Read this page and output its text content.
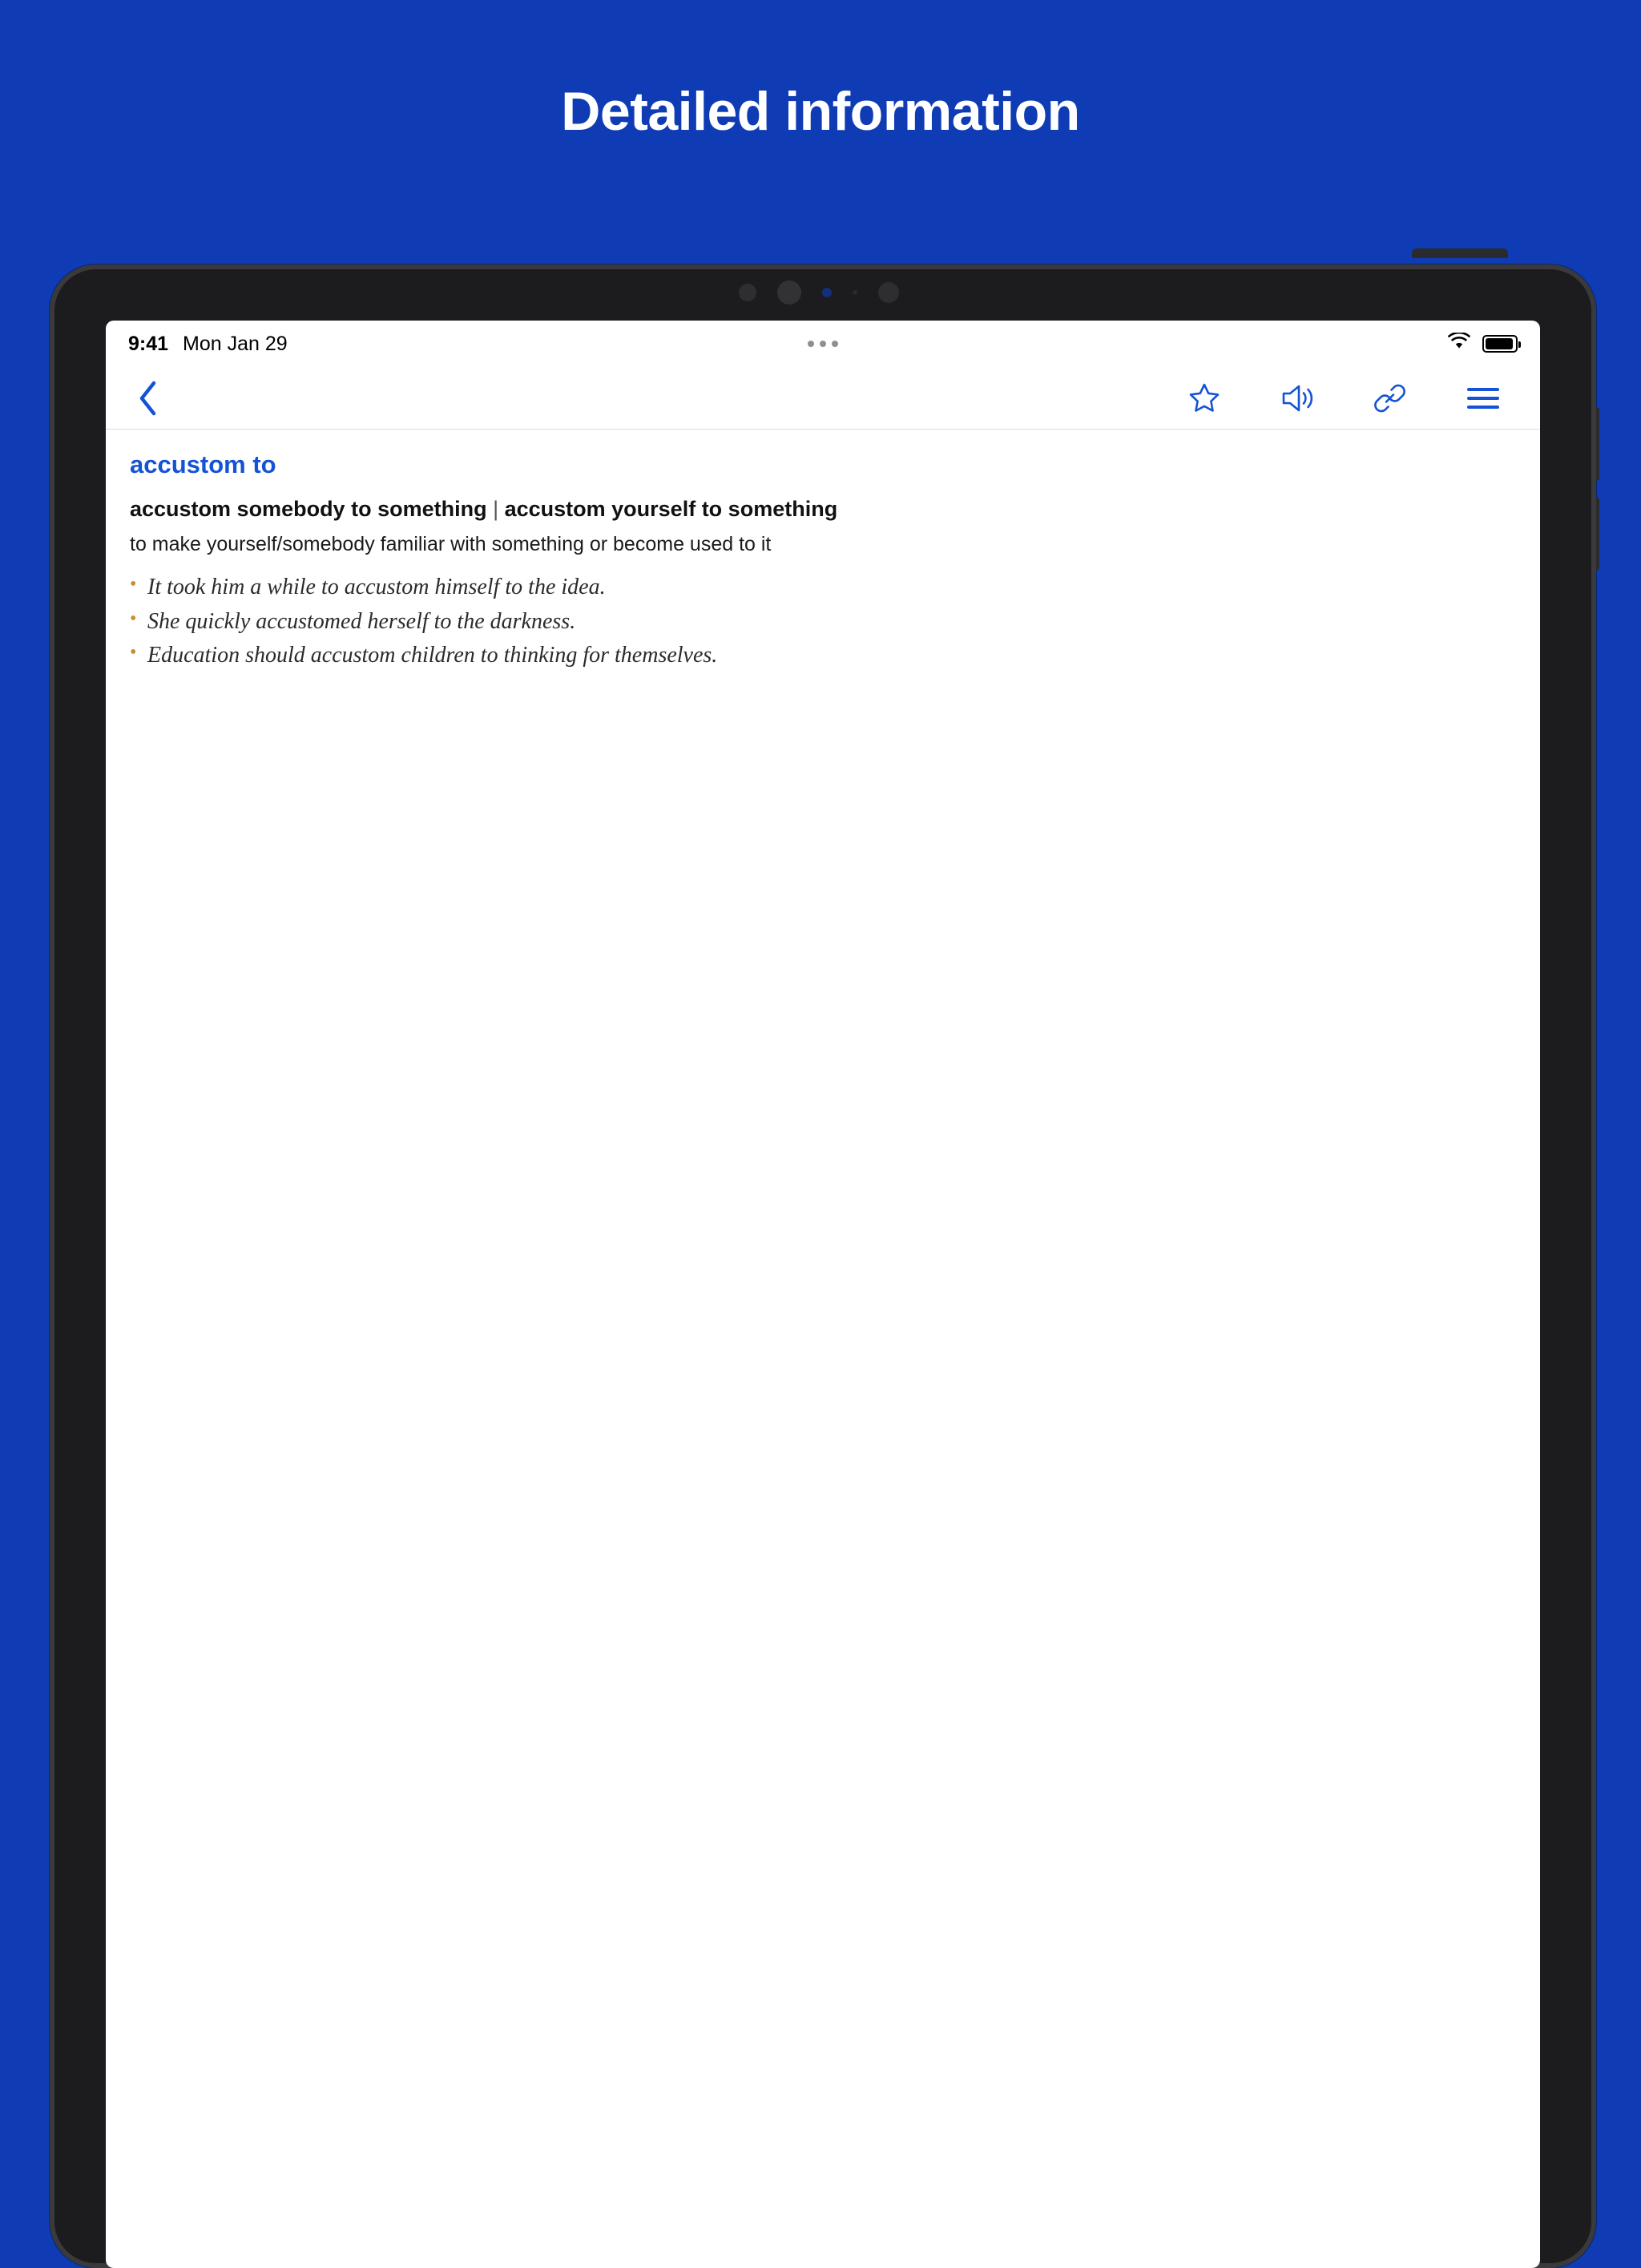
Detailed information
9:41 Mon Jan 29
accustom to
accustom somebody to something | accustom yourself to something
to make yourself/somebody familiar with something or become used to it
• It took him a while to accustom himself to the idea.
• She quickly accustomed herself to the darkness.
• Education should accustom children to thinking for themselves.
